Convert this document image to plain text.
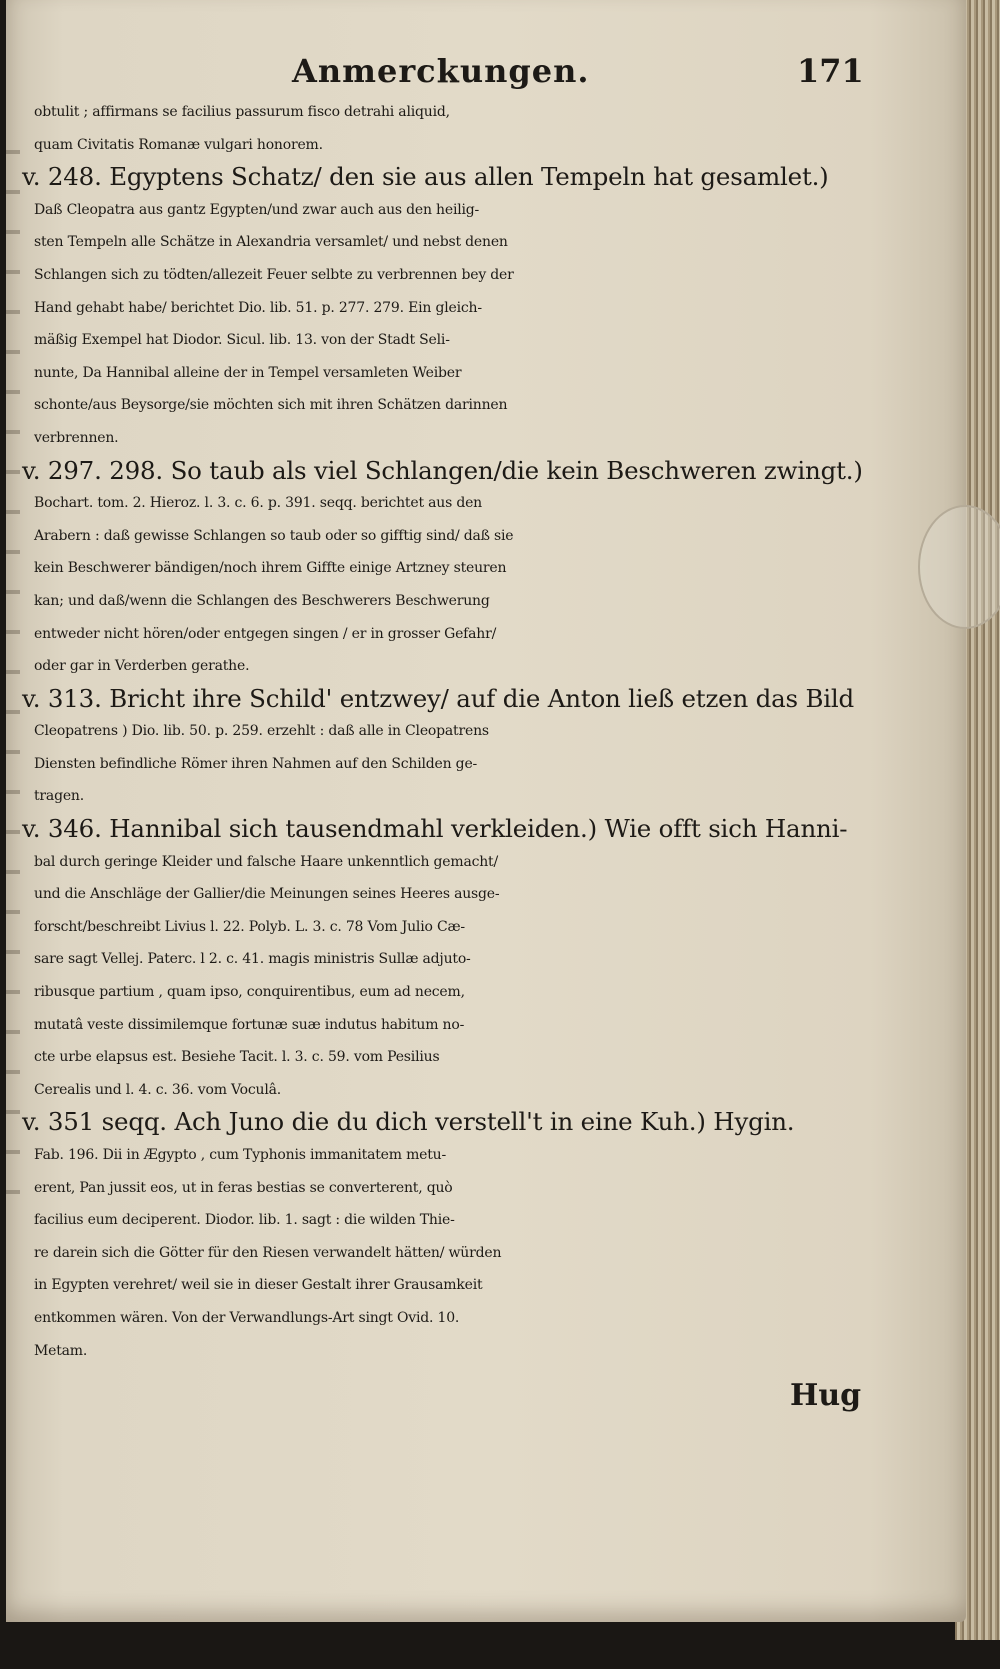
Anmerckungen.	171
obtulit ; affirmans se facilius passurum fisco detrahi aliquid,
quam Civitatis Romanæ vulgari honorem.
v. 248. Egyptens Schatz/ den sie aus allen Tempeln hat gesamlet.)
Daß Cleopatra aus gantz Egypten/und zwar auch aus den heilig-
sten Tempeln alle Schätze in Alexandria versamlet/ und nebst denen
Schlangen sich zu tödten/allezeit Feuer selbte zu verbrennen bey der
Hand gehabt habe/ berichtet Dio. lib. 51. p. 277. 279. Ein gleich-
mäßig Exempel hat Diodor. Sicul. lib. 13. von der Stadt Seli-
nunte, Da Hannibal alleine der in Tempel versamleten Weiber
schonte/aus Beysorge/sie möchten sich mit ihren Schätzen darinnen
verbrennen.
v. 297. 298. So taub als viel Schlangen/die kein Beschweren zwingt.)
Bochart. tom. 2. Hieroz. l. 3. c. 6. p. 391. seqq. berichtet aus den
Arabern : daß gewisse Schlangen so taub oder so gifftig sind/ daß sie
kein Beschwerer bändigen/noch ihrem Giffte einige Artzney steuren
kan; und daß/wenn die Schlangen des Beschwerers Beschwerung
entweder nicht hören/oder entgegen singen / er in grosser Gefahr/
oder gar in Verderben gerathe.
v. 313. Bricht ihre Schild' entzwey/ auf die Anton ließ etzen das Bild
Cleopatrens ) Dio. lib. 50. p. 259. erzehlt : daß alle in Cleopatrens
Diensten befindliche Römer ihren Nahmen auf den Schilden ge-
tragen.
v. 346. Hannibal sich tausendmahl verkleiden.) Wie offt sich Hanni-
bal durch geringe Kleider und falsche Haare unkenntlich gemacht/
und die Anschläge der Gallier/die Meinungen seines Heeres ausge-
forscht/beschreibt Livius l. 22. Polyb. L. 3. c. 78 Vom Julio Cæ-
sare sagt Vellej. Paterc. l 2. c. 41. magis ministris Sullæ adjuto-
ribusque partium , quam ipso, conquirentibus, eum ad necem,
mutatâ veste dissimilemque fortunæ suæ indutus habitum no-
cte urbe elapsus est. Besiehe Tacit. l. 3. c. 59. vom Pesilius
Cerealis und l. 4. c. 36. vom Voculâ.
v. 351 seqq. Ach Juno die du dich verstell't in eine Kuh.) Hygin.
Fab. 196. Dii in Ægypto , cum Typhonis immanitatem metu-
erent, Pan jussit eos, ut in feras bestias se converterent, quò
facilius eum deciperent. Diodor. lib. 1. sagt : die wilden Thie-
re darein sich die Götter für den Riesen verwandelt hätten/ würden
in Egypten verehret/ weil sie in dieser Gestalt ihrer Grausamkeit
entkommen wären. Von der Verwandlungs-Art singt Ovid. 10.
Metam.
Hug
